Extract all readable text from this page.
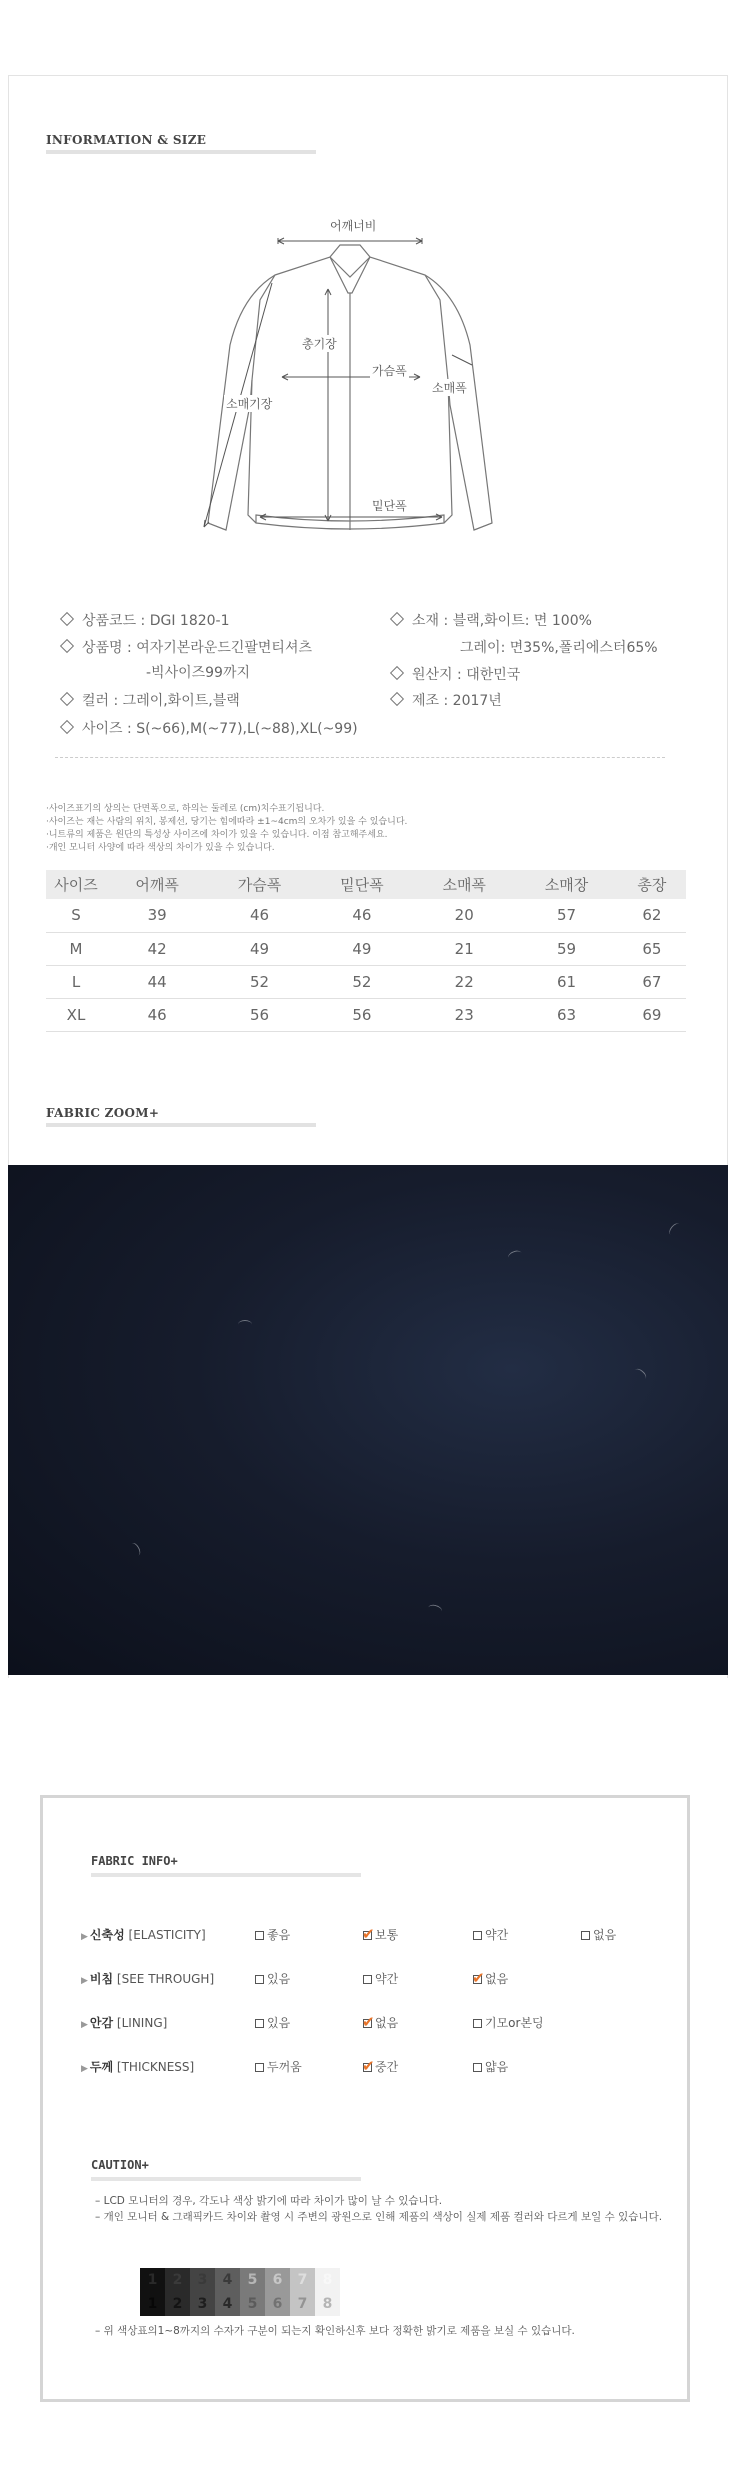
INFORMATION & SIZE
어깨너비
총기장
가슴폭
소매폭
소매기장
밑단폭
상품코드 : DGI 1820-1
상품명 : 여자기본라운드긴팔면티셔츠
-빅사이즈99까지
컬러 : 그레이,화이트,블랙
사이즈 : S(~66),M(~77),L(~88),XL(~99)
소재 : 블랙,화이트: 면 100%
그레이: 면35%,폴리에스터65%
원산지 : 대한민국
제조 : 2017년
·사이즈표기의 상의는 단면폭으로, 하의는 둘레로 (cm)치수표기됩니다.
·사이즈는 재는 사람의 위치, 봉제선, 당기는 힘에따라 ±1~4cm의 오차가 있을 수 있습니다.
·니트류의 제품은 원단의 특성상 사이즈에 차이가 있을 수 있습니다. 이점 참고해주세요.
·개인 모니터 사양에 따라 색상의 차이가 있을 수 있습니다.
사이즈	어깨폭	가슴폭	밑단폭	소매폭	소매장	총장
S	39	46	46	20	57	62
M	42	49	49	21	59	65
L	44	52	52	22	61	67
XL	46	56	56	23	63	69
FABRIC ZOOM+
FABRIC INFO+
▶ 신축성 [ELASTICITY]	좋음	✔ 보통	약간	없음
▶ 비침 [SEE THROUGH]	있음	약간	✔ 없음
▶ 안감 [LINING]	있음	✔ 없음	기모or본딩
▶ 두께 [THICKNESS]	두꺼움	✔ 중간	얇음
CAUTION+
– LCD 모니터의 경우, 각도나 색상 밝기에 따라 차이가 많이 날 수 있습니다.
– 개인 모니터 & 그래픽카드 차이와 촬영 시 주변의 광원으로 인해 제품의 색상이 실제 제품 컬러와 다르게 보일 수 있습니다.
– 위 색상표의1~8까지의 수자가 구분이 되는지 확인하신후 보다 정확한 밝기로 제품을 보실 수 있습니다.
1
1
2
2
3
3
4
4
5
5
6
6
7
7
8
8
